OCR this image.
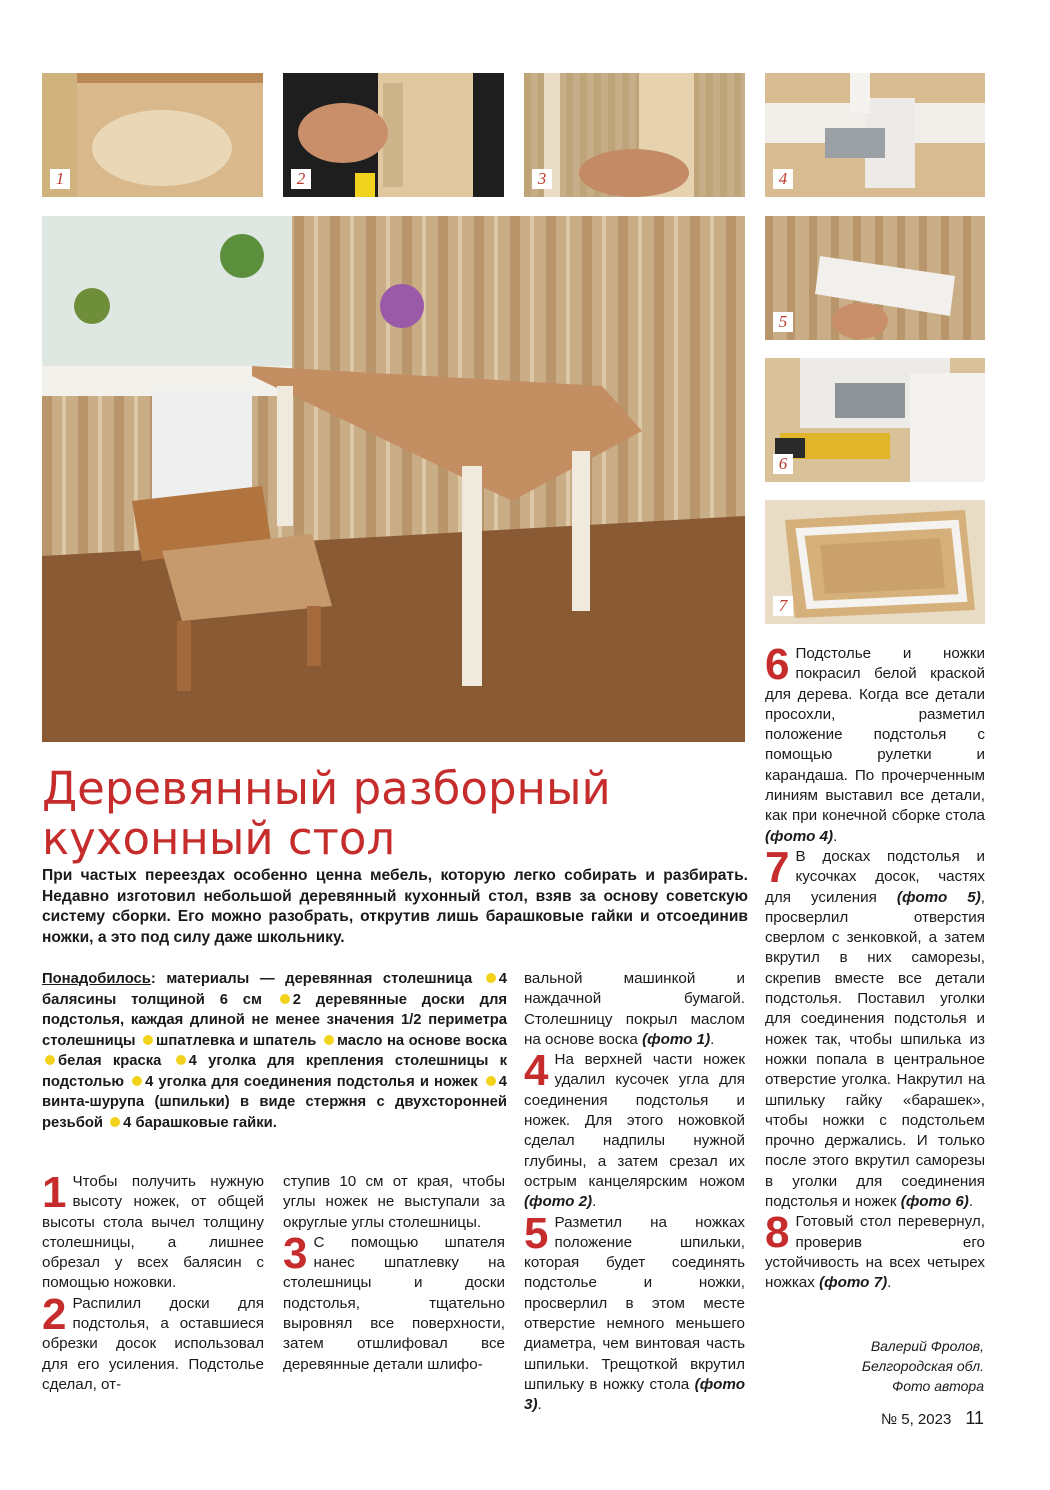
1	2	3	4
5
6
7
Деревянный разборный
кухонный стол
При частых переездах особенно ценна мебель, которую легко собирать и разбирать. Недавно изготовил небольшой деревянный кухонный стол, взяв за основу советскую систему сборки. Его можно разобрать, открутив лишь барашковые гайки и отсоединив ножки, а это под силу даже школьнику.
Понадобилось: материалы — деревянная столешница 4 балясины толщиной 6 см 2 деревянные доски для подстолья, каждая длиной не менее значения 1/2 периметра столешницы шпатлевка и шпатель масло на основе воска белая краска 4 уголка для крепления столешницы к подстолью 4 уголка для соединения подстолья и ножек 4 винта-шурупа (шпильки) в виде стержня с двухсторонней резьбой 4 барашковые гайки.
1 Чтобы получить нужную высоту ножек, от общей высоты стола вычел толщину столешницы, а лишнее обрезал у всех балясин с помощью ножовки.
2 Распилил доски для подстолья, а оставшиеся обрезки досок использовал для его усиления. Подстолье сделал, от-

ступив 10 см от края, чтобы углы ножек не выступали за округлые углы столешницы.

3 С помощью шпателя нанес шпатлевку на столешницы и доски подстолья, тщательно выровнял все поверхности, затем отшлифовал все деревянные детали шлифо-

вальной машинкой и наждачной бумагой. Столешницу покрыл маслом на основе воска (фото 1).

4 На верхней части ножек удалил кусочек угла для соединения подстолья и ножек. Для этого ножовкой сделал надпилы нужной глубины, а затем срезал их острым канцелярским ножом (фото 2).
5 Разметил на ножках положение шпильки, которая будет соединять подстолье и ножки, просверлил в этом месте отверстие немного меньшего диаметра, чем винтовая часть шпильки. Трещоткой вкрутил шпильку в ножку стола (фото 3).
6 Подстолье и ножки покрасил белой краской для дерева. Когда все детали просохли, разметил положение подстолья с помощью рулетки и карандаша. По прочерченным линиям выставил все детали, как при конечной сборке стола (фото 4).
7 В досках подстолья и кусочках досок, частях для усиления (фото 5), просверлил отверстия сверлом с зенковкой, а затем вкрутил в них саморезы, скрепив вместе все детали подстолья. Поставил уголки для соединения подстолья и ножек так, чтобы шпилька из ножки попала в центральное отверстие уголка. Накрутил на шпильку гайку «барашек», чтобы ножки с подстольем прочно держались. И только после этого вкрутил саморезы в уголки для соединения подстолья и ножек (фото 6).
8 Готовый стол перевернул, проверив его устойчивость на всех четырех ножках (фото 7).
Валерий Фролов,
Белгородская обл.
Фото автора
№ 5, 2023 11
